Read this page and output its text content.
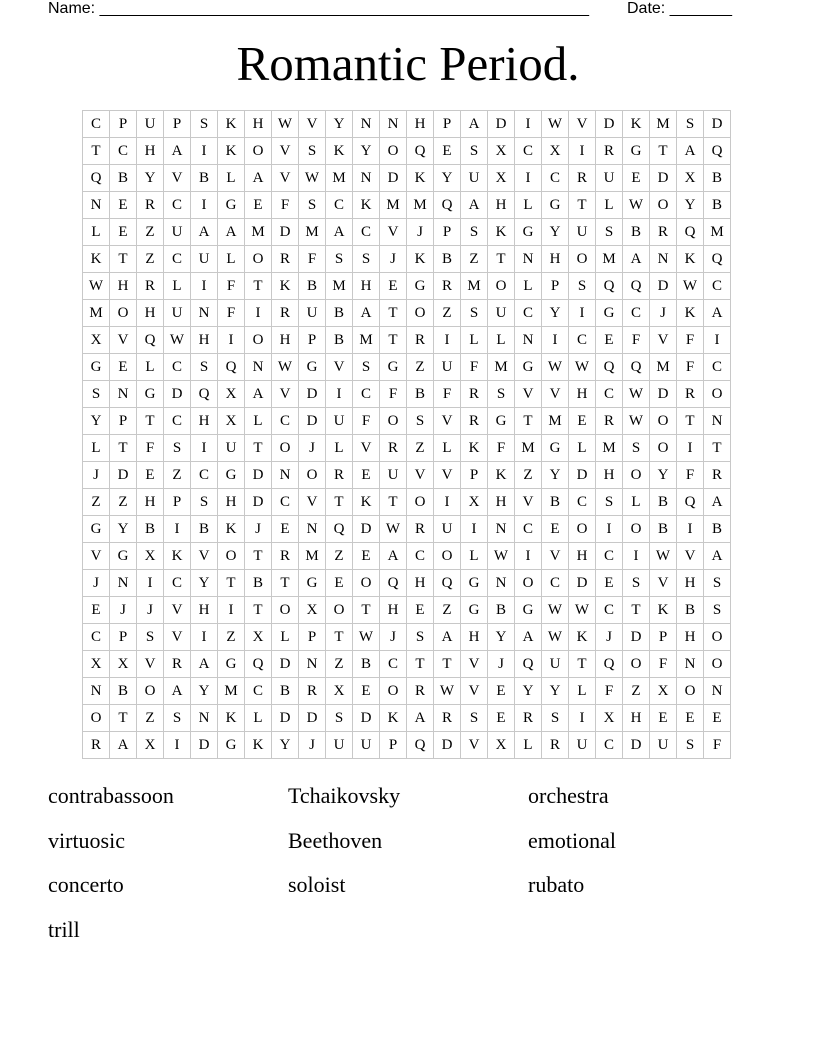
Name: _______________________________________________________ Date: _______
Romantic Period.
C	P	U	P	S	K	H	W	V	Y	N	N	H	P	A	D	I	W	V	D	K	M	S	D
T	C	H	A	I	K	O	V	S	K	Y	O	Q	E	S	X	C	X	I	R	G	T	A	Q
Q	B	Y	V	B	L	A	V	W	M	N	D	K	Y	U	X	I	C	R	U	E	D	X	B
N	E	R	C	I	G	E	F	S	C	K	M	M	Q	A	H	L	G	T	L	W	O	Y	B
L	E	Z	U	A	A	M	D	M	A	C	V	J	P	S	K	G	Y	U	S	B	R	Q	M
K	T	Z	C	U	L	O	R	F	S	S	J	K	B	Z	T	N	H	O	M	A	N	K	Q
W	H	R	L	I	F	T	K	B	M	H	E	G	R	M	O	L	P	S	Q	Q	D	W	C
M	O	H	U	N	F	I	R	U	B	A	T	O	Z	S	U	C	Y	I	G	C	J	K	A
X	V	Q	W	H	I	O	H	P	B	M	T	R	I	L	L	N	I	C	E	F	V	F	I
G	E	L	C	S	Q	N	W	G	V	S	G	Z	U	F	M	G	W	W	Q	Q	M	F	C
S	N	G	D	Q	X	A	V	D	I	C	F	B	F	R	S	V	V	H	C	W	D	R	O
Y	P	T	C	H	X	L	C	D	U	F	O	S	V	R	G	T	M	E	R	W	O	T	N
L	T	F	S	I	U	T	O	J	L	V	R	Z	L	K	F	M	G	L	M	S	O	I	T
J	D	E	Z	C	G	D	N	O	R	E	U	V	V	P	K	Z	Y	D	H	O	Y	F	R
Z	Z	H	P	S	H	D	C	V	T	K	T	O	I	X	H	V	B	C	S	L	B	Q	A
G	Y	B	I	B	K	J	E	N	Q	D	W	R	U	I	N	C	E	O	I	O	B	I	B
V	G	X	K	V	O	T	R	M	Z	E	A	C	O	L	W	I	V	H	C	I	W	V	A
J	N	I	C	Y	T	B	T	G	E	O	Q	H	Q	G	N	O	C	D	E	S	V	H	S
E	J	J	V	H	I	T	O	X	O	T	H	E	Z	G	B	G	W	W	C	T	K	B	S
C	P	S	V	I	Z	X	L	P	T	W	J	S	A	H	Y	A	W	K	J	D	P	H	O
X	X	V	R	A	G	Q	D	N	Z	B	C	T	T	V	J	Q	U	T	Q	O	F	N	O
N	B	O	A	Y	M	C	B	R	X	E	O	R	W	V	E	Y	Y	L	F	Z	X	O	N
O	T	Z	S	N	K	L	D	D	S	D	K	A	R	S	E	R	S	I	X	H	E	E	E
R	A	X	I	D	G	K	Y	J	U	U	P	Q	D	V	X	L	R	U	C	D	U	S	F
contrabassoon	Tchaikovsky	orchestra
virtuosic	Beethoven	emotional
concerto	soloist	rubato
trill
